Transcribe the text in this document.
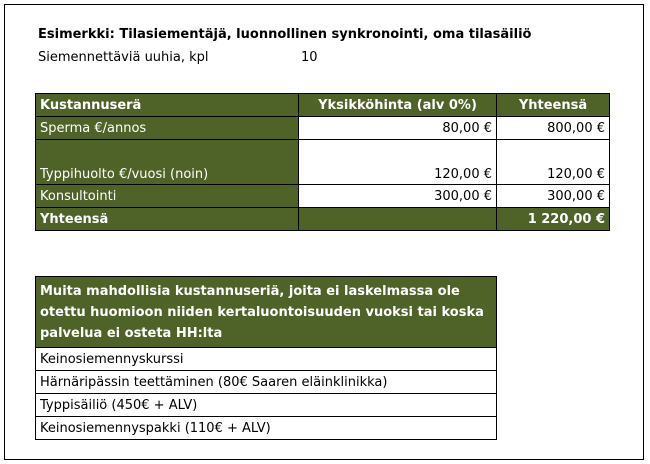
Esimerkki: Tilasiementäjä, luonnollinen synkronointi, oma tilasäiliö
Siemennettäviä uuhia, kpl	10
Kustannuserä	Yksikköhinta (alv 0%)	Yhteensä
Sperma €/annos	80,00 €	800,00 €
Typpihuolto €/vuosi (noin)	120,00 €	120,00 €
Konsultointi	300,00 €	300,00 €
Yhteensä		1 220,00 €
Muita mahdollisia kustannuseriä, joita ei laskelmassa ole otettu huomioon niiden kertaluontoisuuden vuoksi tai koska palvelua ei osteta HH:lta
Keinosiemennyskurssi
Härnäripässin teettäminen (80€ Saaren eläinklinikka)
Typpisäiliö (450€ + ALV)
Keinosiemennyspakki (110€ + ALV)
